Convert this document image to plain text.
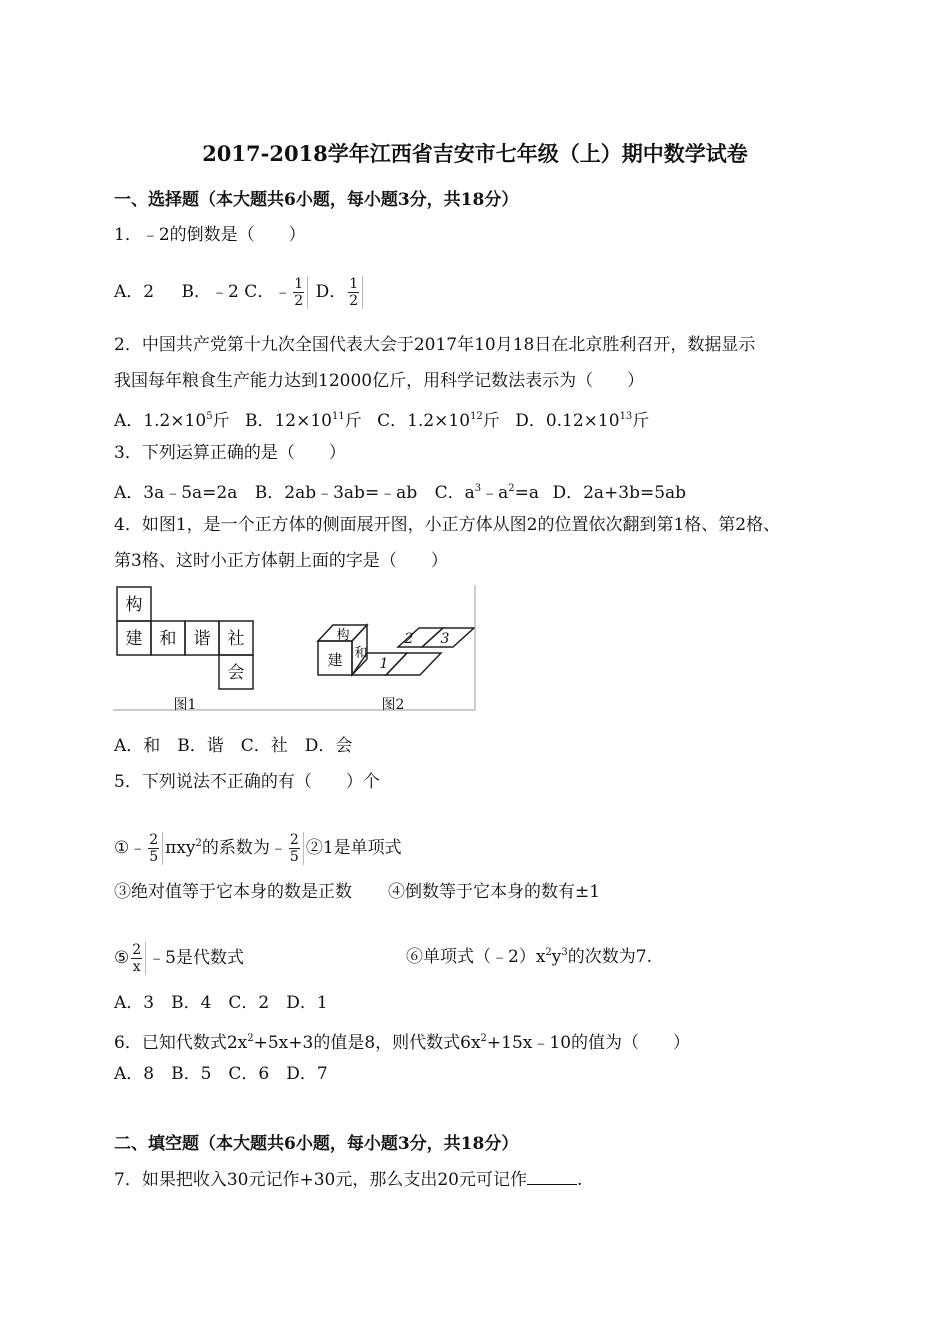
2017-2018学年江西省吉安市七年级（上）期中数学试卷
一、选择题（本大题共6小题，每小题3分，共18分）
1．﹣2的倒数是（　　）
A．2 B．﹣2 C．﹣ $\frac{1}{2}$ D． $\frac{1}{2}$
2．中国共产党第十九次全国代表大会于2017年10月18日在北京胜利召开，数据显示
我国每年粮食生产能力达到12000亿斤，用科学记数法表示为（　　）
A．$1.2\times 10^5$斤 B．$12\times 10^{11}$斤 C．$1.2\times 10^{12}$斤 D．$0.12\times 10^{13}$斤
3．下列运算正确的是（　　）
A．3a﹣5a=2a B．2ab﹣3ab=﹣ab C．$a^3﹣a^2=a$ D．2a+3b=5ab
4．如图1，是一个正方体的侧面展开图，小正方体从图2的位置依次翻到第1格、第2格、
第3格、这时小正方体朝上面的字是（　　）
构
建 和 谐 社
会
构
建 和
1
2 3
图1	图2
A．和　B．谐　C．社　D．会
5．下列说法不正确的有（　　）个
①﹣ $\frac{2}{5} \pi xy^2$的系数为﹣ $\frac{2}{5}$ ②1是单项式
③绝对值等于它本身的数是正数 ④倒数等于它本身的数有±1
⑤ $\frac{2}{x}$ ﹣5是代数式	⑥单项式$(﹣2)x^2y^3$的次数为7.
A．3　B．4　C．2　D．1
6．已知代数式$2x^2+5x+3$的值是8，则代数式$6x^2+15x﹣10$的值为（　　）
A．8　B．5　C．6　D．7
二、填空题（本大题共6小题，每小题3分，共18分）
7．如果把收入30元记作+30元，那么支出20元可记作	.
